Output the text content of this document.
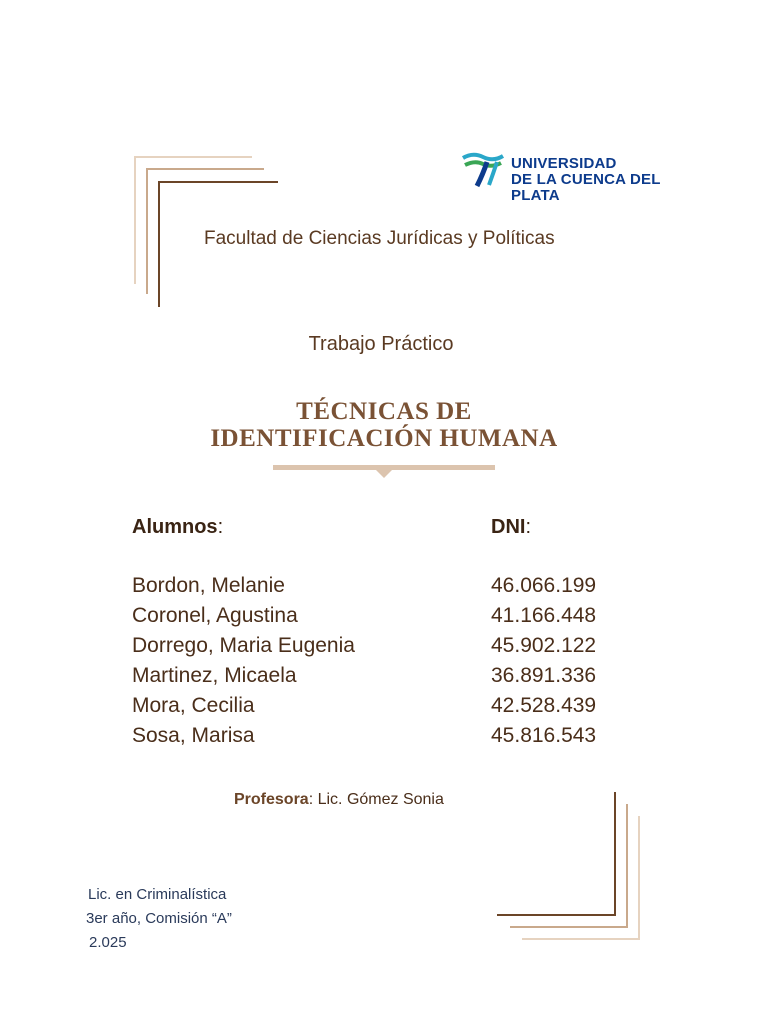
UNIVERSIDAD
DE LA CUENCA DEL PLATA
Facultad de Ciencias Jurídicas y Políticas
Trabajo Práctico
TÉCNICAS DE
IDENTIFICACIÓN HUMANA
Alumnos:	DNI:
Bordon, Melanie	46.066.199
Coronel, Agustina	41.166.448
Dorrego, Maria Eugenia	45.902.122
Martinez, Micaela	36.891.336
Mora, Cecilia	42.528.439
Sosa, Marisa	45.816.543
Profesora: Lic. Gómez Sonia
Lic. en Criminalística
3er año, Comisión “A”
2.025
